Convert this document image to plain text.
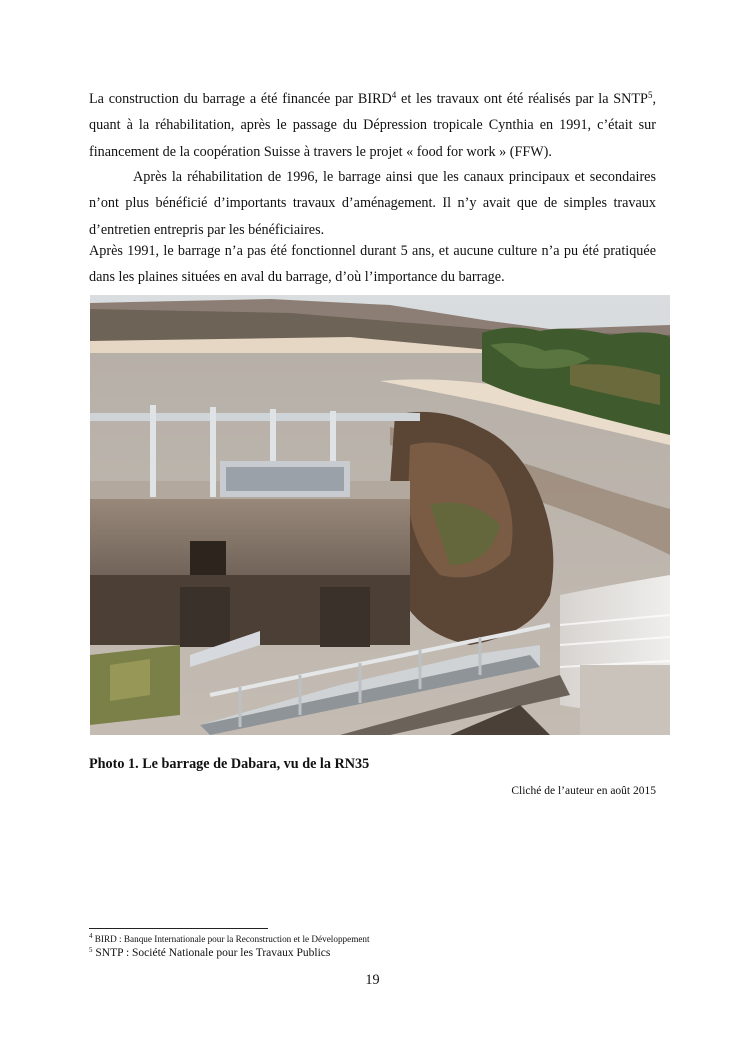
La construction du barrage a été financée par BIRD$^4$ et les travaux ont été réalisés par la SNTP$^5$, quant à la réhabilitation, après le passage du Dépression tropicale Cynthia en 1991, c’était sur financement de la coopération Suisse à travers le projet « food for work » (FFW).

Après la réhabilitation de 1996, le barrage ainsi que les canaux principaux et secondaires n’ont plus bénéficié d’importants travaux d’aménagement. Il n’y avait que de simples travaux d’entretien entrepris par les bénéficiaires.

Après 1991, le barrage n’a pas été fonctionnel durant 5 ans, et aucune culture n’a pu été pratiquée dans les plaines situées en aval du barrage, d’où l’importance du barrage.

Photo 1. Le barrage de Dabara, vu de la RN35

Cliché de l’auteur en août 2015

$^4$ BIRD : Banque Internationale pour la Reconstruction et le Développement

$^5$ SNTP : Société Nationale pour les Travaux Publics

19
